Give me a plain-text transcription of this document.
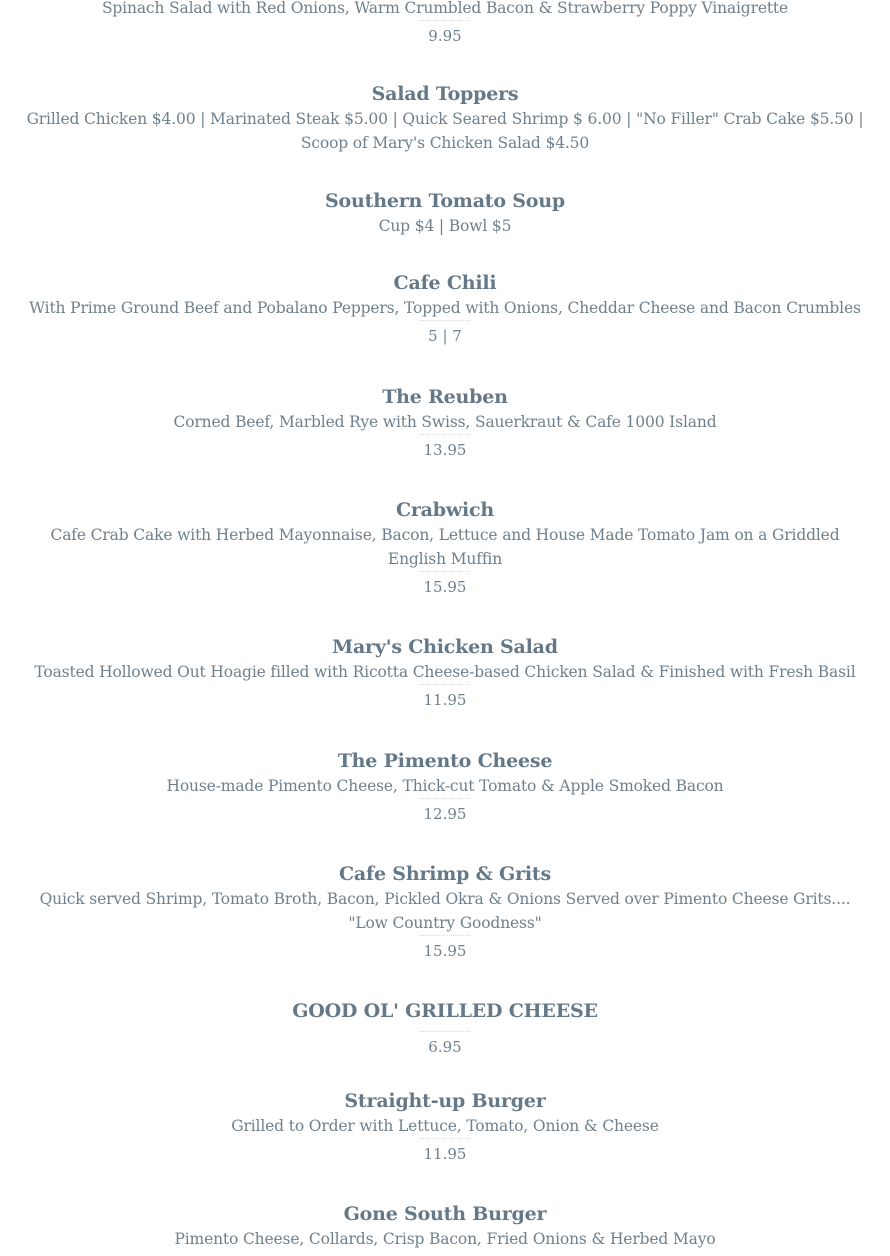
Spinach Salad with Red Onions, Warm Crumbled Bacon & Strawberry Poppy Vinaigrette
9.95
Salad Toppers
Grilled Chicken $4.00 | Marinated Steak $5.00 | Quick Seared Shrimp $ 6.00 | "No Filler" Crab Cake $5.50 | Scoop of Mary's Chicken Salad $4.50
Southern Tomato Soup
Cup $4 | Bowl $5
Cafe Chili
With Prime Ground Beef and Pobalano Peppers, Topped with Onions, Cheddar Cheese and Bacon Crumbles
5 | 7
The Reuben
Corned Beef, Marbled Rye with Swiss, Sauerkraut & Cafe 1000 Island
13.95
Crabwich
Cafe Crab Cake with Herbed Mayonnaise, Bacon, Lettuce and House Made Tomato Jam on a Griddled English Muffin
15.95
Mary's Chicken Salad
Toasted Hollowed Out Hoagie filled with Ricotta Cheese-based Chicken Salad & Finished with Fresh Basil
11.95
The Pimento Cheese
House-made Pimento Cheese, Thick-cut Tomato & Apple Smoked Bacon
12.95
Cafe Shrimp & Grits
Quick served Shrimp, Tomato Broth, Bacon, Pickled Okra & Onions Served over Pimento Cheese Grits.... "Low Country Goodness"
15.95
GOOD OL' GRILLED CHEESE
6.95
Straight-up Burger
Grilled to Order with Lettuce, Tomato, Onion & Cheese
11.95
Gone South Burger
Pimento Cheese, Collards, Crisp Bacon, Fried Onions & Herbed Mayo
